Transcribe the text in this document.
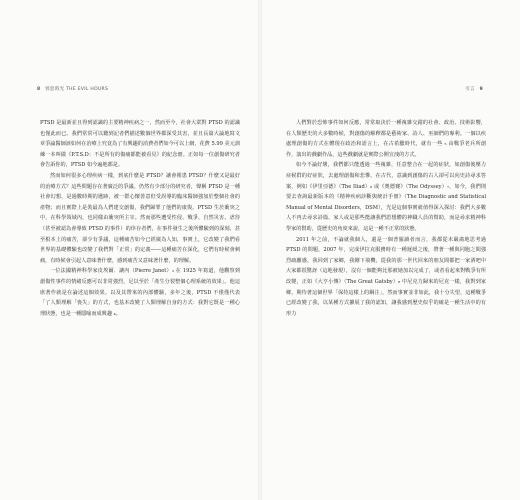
8 邪惡時光 THE EVIL HOURS	引言 9

PTSD 是最新並且得到認識的主要精神疾病之一，然而至今，社會大眾對 PTSD 的認識也僅此而已。我們常常可以聽到記者們描述數個世界都深受其害，並且長篇大論地寫文章爭論醫師該如何在治療上究竟為了有興趣的消費者們如今可以上網，花費 5.99 美元訓練一本叫做《P.T.S.D：不是所有的傷痛都能被看見》的紀念冊。正如每一位創傷研究者會告訴你的，PTSD 如今遍地都是。

然而如何很多心理疾病一樣，到底什麼是 PTSD？讓會罹患 PTSD？什麼又是最好的治療方式？這些問題存在著廣泛的爭議。仍然有少部分的研究者，聲稱 PTSD 是一種社會幻想，是過數時期的遺跡，被一群心懷善意但受誤導的臨床醫師強加於整個社會的產物；而且實際上是裝最為人們建交創傷，我們歸罪了他們的康復。PTSD 生於衝突之中，在科學領域內，也同樣由衝突所主宰。然而那些遭受性侵、戰爭、自然災害、虐待（甚至被認為會導致 PTSD 的事件）的倖存者們，在事件發生之後所體驗到的深刻、甚至根本上的痛苦，卻少有爭議，這種痛苦如今已經廣為人知，事實上，它改變了我們看世界的基礎體驗也改變了我們對「正常」的定義——這種痛苦在深化，它們有時候會刺痛，有時候會引起人意味著什麼，感到痛苦又意味著什麼，的理解。

一位法國精神科學家皮埃爾．讓內（Pierre Janet）₃ 在 1925 年寫道，他觀察到創傷性事件的情緒反應可以非常強烈，足以至於「產生分裂整個心理系統的效果」。他這席著作就是在論述這個效果。以及其帶來的內部體驗，多年之後，PTSD 不僅僅代表「了人類理解「喪失」的方式，也基本改變了人類理解自身的方式：我對它既是一種心理狀態，也是一種隱喻而成興趣 ₄。

人們對於恐怖事件如何反應，常常取決於一種複雜交錯的社會、政治、技術影響，在人類歷史的大多數時候，對創傷的解釋都是藝術家、詩人、巫師們的專利。一個以疾處理創傷的方式在體現在政治和語言上，在古希臘時代，就有一些 ₅ 由戰爭老兵所創作，演出的戲劇作品，這些戲劇就是實際公開宣洩的方式。

如今不論好壞，我們都只能透過一些複雜，任意整合在一起的症狀，如創傷後壓力症候群的好症狀，去處理創傷和悲慘，在古代，意識到創傷的古人卻可以向史詩尋求答案，例如《伊里亞德》（The Iliad）₆ 或《奧德賽》（The Odyssey）₇，如今，我們則要去查詢最新版本的《精神疾病診斷與統計手冊》（The Diagnostic and Statistical Manual of Mental Disorders，DSM），光是這個事實就值得深入探討：我們大多數人不再去尋求詩篇、家人或是那些能讓我們恩想體的神職人員的幫助，而是尋求精神科學家的幫助，從歷史的角度來說，這是一種不正常的狀態。

2011 年之前，不論就我個人，還是一個普羅讀者而言，我都從未嚴肅地思考過 PTSD 的問題，2007 年，完成伊拉克服務時有一種遲緩之後，帶著一種與同胞之間強烈疏離感，我回到了家鄉，我剛下飛機，從我的那一世代回來的朋友間都把一家酒吧中大家都很驚訝（這地發現），沒有一個能夠比那被她加以完成了，或者看起來對戰爭有所改變，正如《大亨小傳》（The Great Gatsby）₈ 中尼克力歸來的尼克一樣，我對到家鄉，期待著這個世界「保持這樣上的鋼注」，然而事實並非如此，我十分失望，這種戰爭已經改變了我，以某種方式擴展了我的認知，讓我感到歷史似乎的確是一種生活中的有形力
